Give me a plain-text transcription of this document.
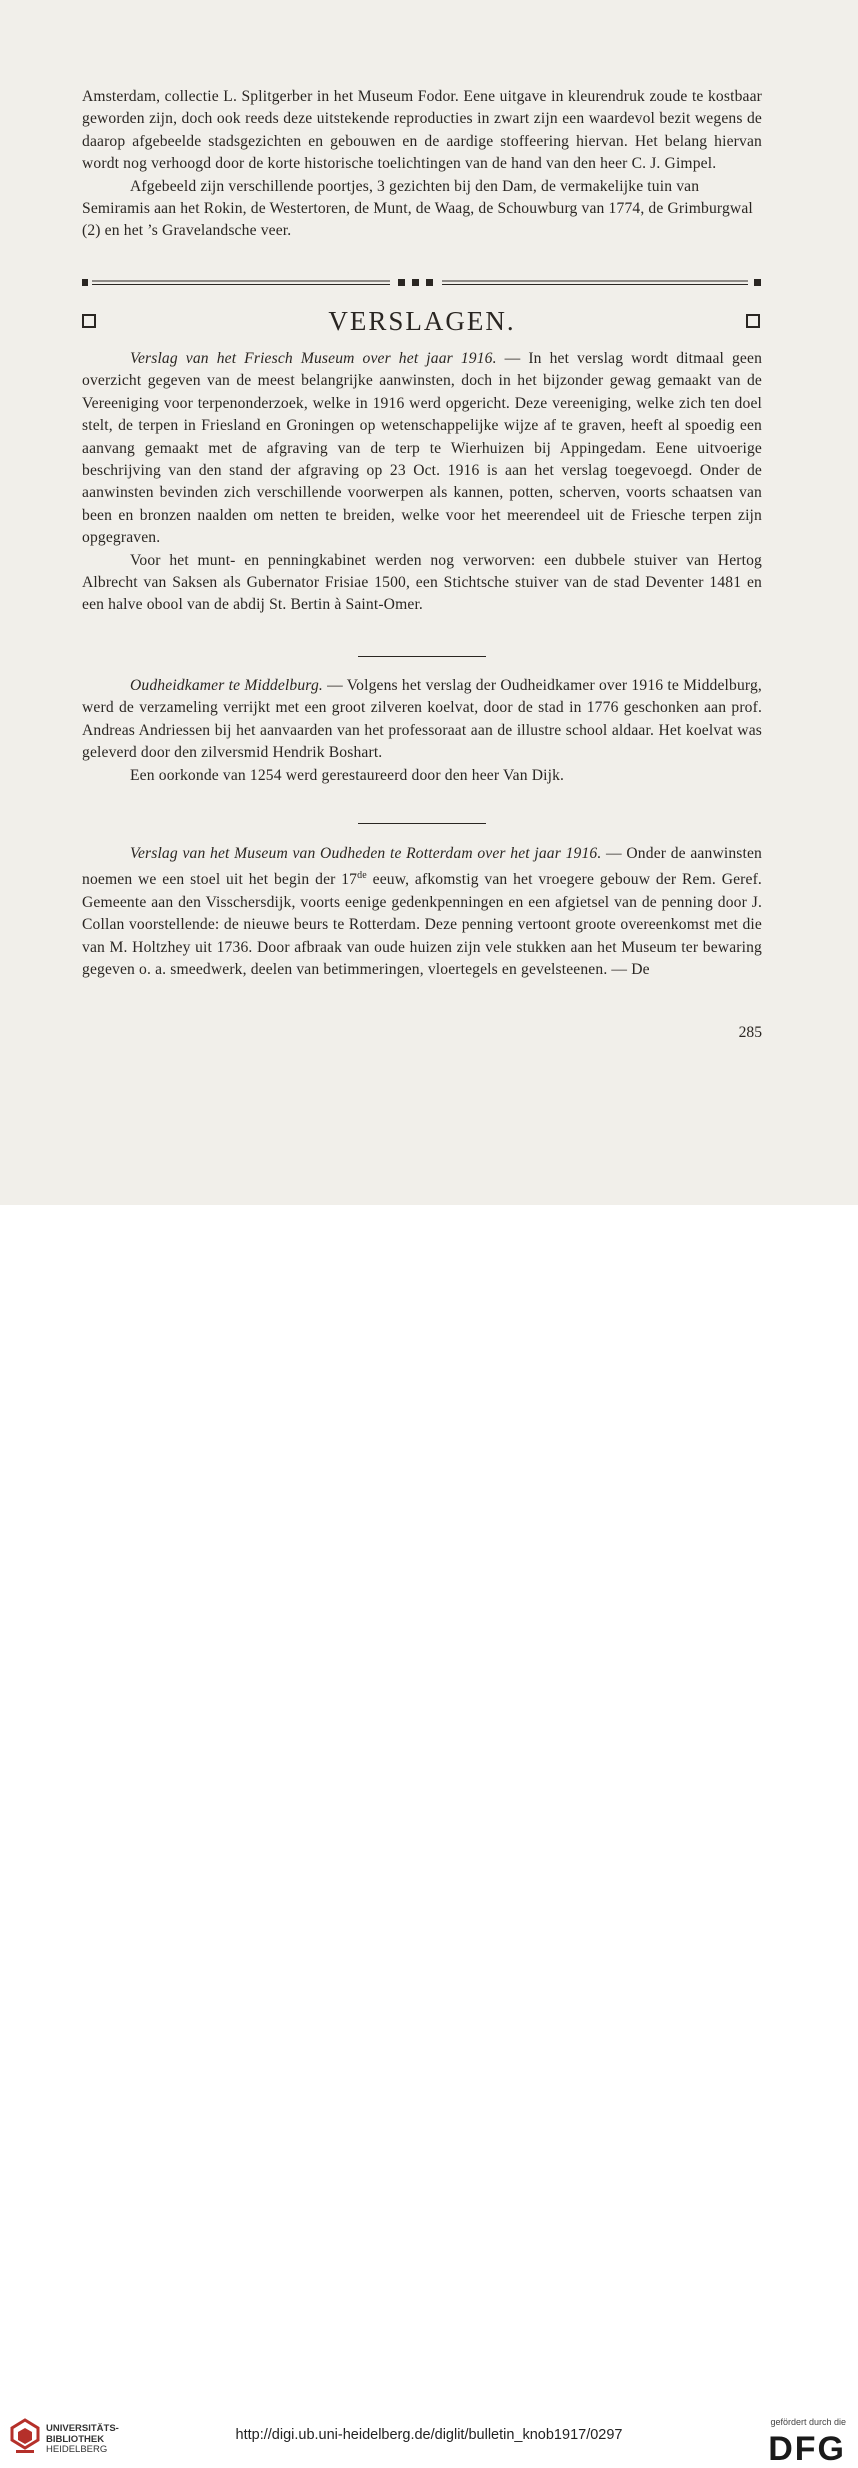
Amsterdam, collectie L. Splitgerber in het Museum Fodor. Eene uitgave in kleurendruk zoude te kostbaar geworden zijn, doch ook reeds deze uitstekende reproducties in zwart zijn een waardevol bezit wegens de daarop afgebeelde stadsgezichten en gebouwen en de aardige stoffeering hiervan. Het belang hiervan wordt nog verhoogd door de korte historische toelichtingen van de hand van den heer C. J. Gimpel.

Afgebeeld zijn verschillende poortjes, 3 gezichten bij den Dam, de vermakelijke tuin van Semiramis aan het Rokin, de Westertoren, de Munt, de Waag, de Schouwburg van 1774, de Grimburgwal (2) en het ’s Gravelandsche veer.

VERSLAGEN.

Verslag van het Friesch Museum over het jaar 1916. — In het verslag wordt ditmaal geen overzicht gegeven van de meest belangrijke aanwinsten, doch in het bijzonder gewag gemaakt van de Vereeniging voor terpenonderzoek, welke in 1916 werd opgericht. Deze vereeniging, welke zich ten doel stelt, de terpen in Friesland en Groningen op wetenschappelijke wijze af te graven, heeft al spoedig een aanvang gemaakt met de afgraving van de terp te Wierhuizen bij Appingedam. Eene uitvoerige beschrijving van den stand der afgraving op 23 Oct. 1916 is aan het verslag toegevoegd. Onder de aanwinsten bevinden zich verschillende voorwerpen als kannen, potten, scherven, voorts schaatsen van been en bronzen naalden om netten te breiden, welke voor het meerendeel uit de Friesche terpen zijn opgegraven.

Voor het munt- en penningkabinet werden nog verworven: een dubbele stuiver van Hertog Albrecht van Saksen als Gubernator Frisiae 1500, een Stichtsche stuiver van de stad Deventer 1481 en een halve obool van de abdij St. Bertin à Saint-Omer.

Oudheidkamer te Middelburg. — Volgens het verslag der Oudheidkamer over 1916 te Middelburg, werd de verzameling verrijkt met een groot zilveren koelvat, door de stad in 1776 geschonken aan prof. Andreas Andriessen bij het aanvaarden van het professoraat aan de illustre school aldaar. Het koelvat was geleverd door den zilversmid Hendrik Boshart.

Een oorkonde van 1254 werd gerestaureerd door den heer Van Dijk.

Verslag van het Museum van Oudheden te Rotterdam over het jaar 1916. — Onder de aanwinsten noemen we een stoel uit het begin der 17de eeuw, afkomstig van het vroegere gebouw der Rem. Geref. Gemeente aan den Visschersdijk, voorts eenige gedenkpenningen en een afgietsel van de penning door J. Collan voorstellende: de nieuwe beurs te Rotterdam. Deze penning vertoont groote overeenkomst met die van M. Holtzhey uit 1736. Door afbraak van oude huizen zijn vele stukken aan het Museum ter bewaring gegeven o. a. smeedwerk, deelen van betimmeringen, vloertegels en gevelsteenen. — De

285
UNIVERSITÄTS-
BIBLIOTHEK
HEIDELBERG
http://digi.ub.uni-heidelberg.de/diglit/bulletin_knob1917/0297
gefördert durch die
DFG
